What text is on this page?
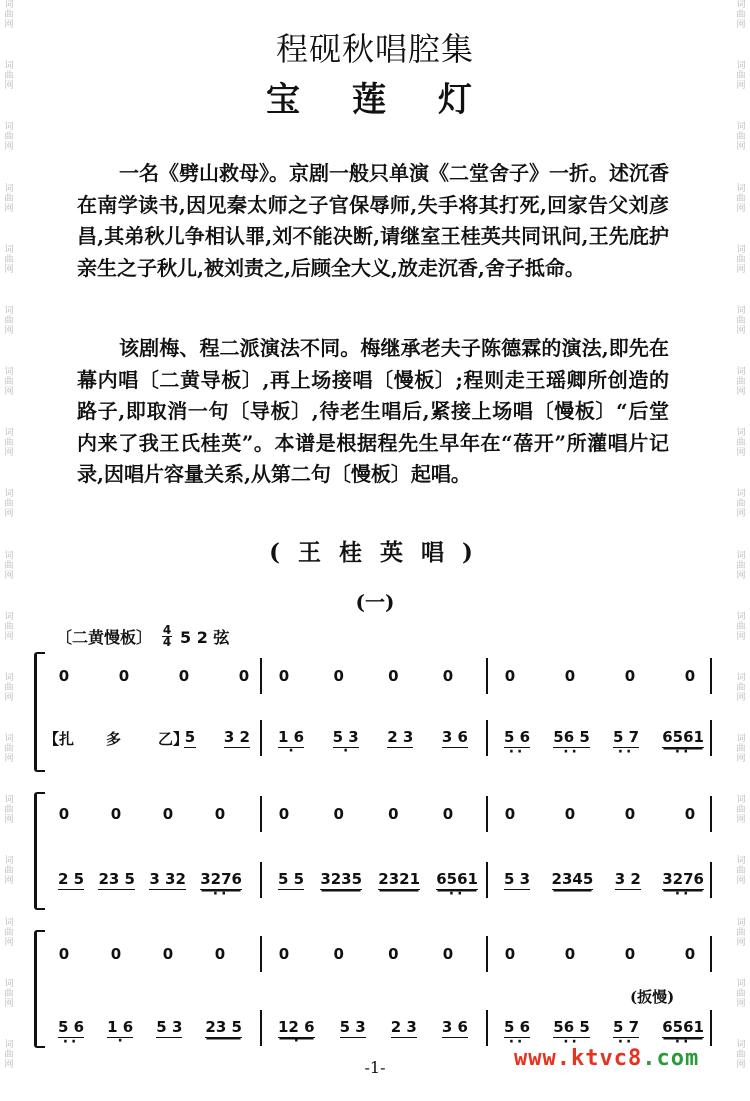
词
曲
网
词
曲
网
词
曲
网
词
曲
网
词
曲
网
词
曲
网
词
曲
网
词
曲
网
词
曲
网
词
曲
网
词
曲
网
词
曲
网
词
曲
网
词
曲
网
词
曲
网
词
曲
网
词
曲
网
词
曲
网
词
曲
网
词
曲
网
词
曲
网
词
曲
网
词
曲
网
词
曲
网
词
曲
网
词
曲
网
词
曲
网
词
曲
网
词
曲
网
词
曲
网
词
曲
网
词
曲
网
词
曲
网
词
曲
网
词
曲
网
词
曲
网
程砚秋唱腔集
宝莲灯

一名《劈山救母》。京剧一般只单演《二堂舍子》一折。述沉香在南学读书,因见秦太师之子官保辱师,失手将其打死,回家告父刘彦昌,其弟秋儿争相认罪,刘不能决断,请继室王桂英共同讯问,王先庇护亲生之子秋儿,被刘责之,后顾全大义,放走沉香,舍子抵命。

该剧梅、程二派演法不同。梅继承老夫子陈德霖的演法,即先在幕内唱〔二黄导板〕,再上场接唱〔慢板〕;程则走王瑶卿所创造的路子,即取消一句〔导板〕,待老生唱后,紧接上场唱〔慢板〕“后堂内来了我王氏桂英”。本谱是根据程先生早年在“蓓开”所灌唱片记录,因唱片容量关系,从第二句〔慢板〕起唱。

(王桂英唱)
(一)
〔二黄慢板〕 4
4 5 2 弦
0	0	0	0 0	0	0	0	0	0	0	0
【扎 多 乙】
5 3 2 1 6 · 5 3 · 2 3 3 6 5 6 ·· 56 5 ·· 5 7 ·· 6561 ··
0	0	0	0	0	0	0	0	0	0	0	0
2 5 23 5 3 32 3276 ·· 5 5 3235 2321 6561 ·· 5 3 2345 3 2 3276 ··
0	0	0	0	0	0	0	0	0	0	0	0
(扳慢)
5 6 ·· 1 6 · 5 3 23 5 12 6 · 5 3 2 3 3 6 5 6 ·· 56 5 ·· 5 7 ·· 6561 ··
-1-	www.ktvc8.com
